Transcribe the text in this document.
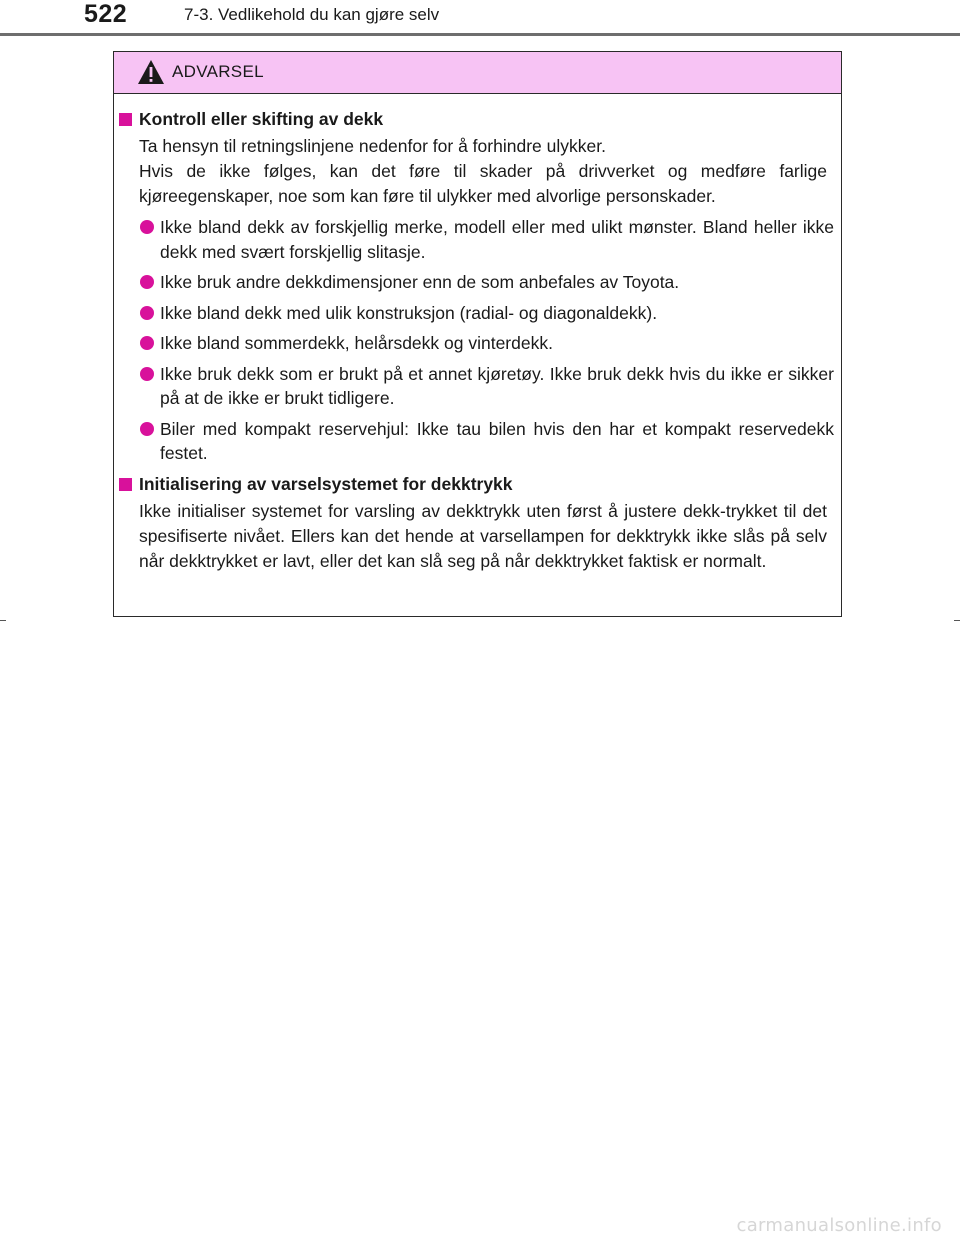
522	7-3. Vedlikehold du kan gjøre selv
ADVARSEL
Kontroll eller skifting av dekk
Ta hensyn til retningslinjene nedenfor for å forhindre ulykker.
Hvis de ikke følges, kan det føre til skader på drivverket og medføre farlige kjøreegenskaper, noe som kan føre til ulykker med alvorlige personskader.
Ikke bland dekk av forskjellig merke, modell eller med ulikt mønster. Bland heller ikke dekk med svært forskjellig slitasje.
Ikke bruk andre dekkdimensjoner enn de som anbefales av Toyota.
Ikke bland dekk med ulik konstruksjon (radial- og diagonaldekk).
Ikke bland sommerdekk, helårsdekk og vinterdekk.
Ikke bruk dekk som er brukt på et annet kjøretøy. Ikke bruk dekk hvis du ikke er sikker på at de ikke er brukt tidligere.
Biler med kompakt reservehjul: Ikke tau bilen hvis den har et kompakt reservedekk festet.
Initialisering av varselsystemet for dekktrykk
Ikke initialiser systemet for varsling av dekktrykk uten først å justere dekk-trykket til det spesifiserte nivået. Ellers kan det hende at varsellampen for dekktrykk ikke slås på selv når dekktrykket er lavt, eller det kan slå seg på når dekktrykket faktisk er normalt.
carmanualsonline.info
